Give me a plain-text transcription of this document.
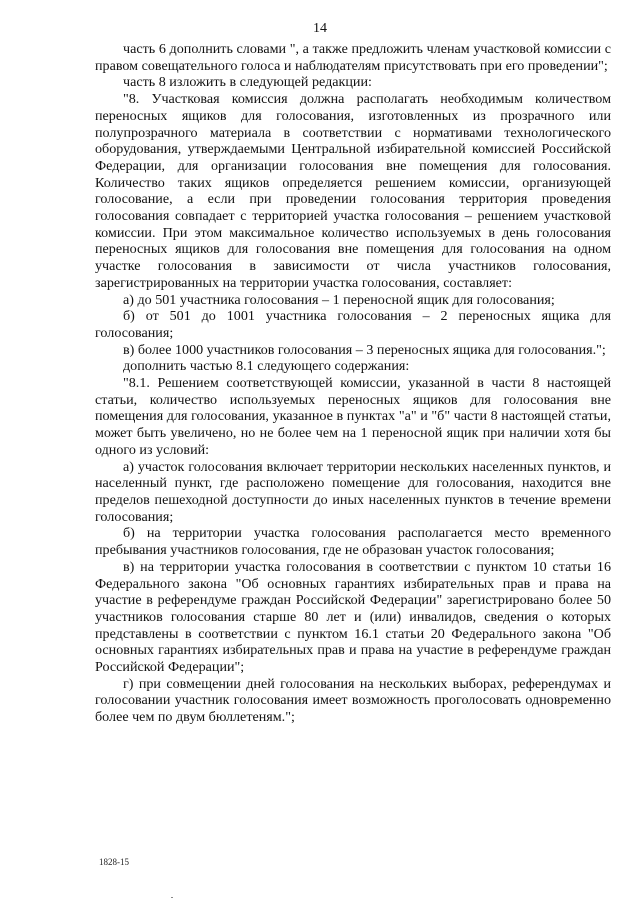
14

часть 6 дополнить словами ", а также предложить членам участковой комиссии с правом совещательного голоса и наблюдателям присутствовать при его проведении";

часть 8 изложить в следующей редакции:

"8. Участковая комиссия должна располагать необходимым количеством переносных ящиков для голосования, изготовленных из прозрачного или полупрозрачного материала в соответствии с нормативами технологического оборудования, утверждаемыми Центральной избирательной комиссией Российской Федерации, для организации голосования вне помещения для голосования. Количество таких ящиков определяется решением комиссии, организующей голосование, а если при проведении голосования территория проведения голосования совпадает с территорией участка голосования – решением участковой комиссии. При этом максимальное количество используемых в день голосования переносных ящиков для голосования вне помещения для голосования на одном участке голосования в зависимости от числа участников голосования, зарегистрированных на территории участка голосования, составляет:

а) до 501 участника голосования – 1 переносной ящик для голосования;

б) от 501 до 1001 участника голосования – 2 переносных ящика для голосования;

в) более 1000 участников голосования – 3 переносных ящика для голосования.";

дополнить частью 8.1 следующего содержания:

"8.1. Решением соответствующей комиссии, указанной в части 8 настоящей статьи, количество используемых переносных ящиков для голосования вне помещения для голосования, указанное в пунктах "а" и "б" части 8 настоящей статьи, может быть увеличено, но не более чем на 1 переносной ящик при наличии хотя бы одного из условий:

а) участок голосования включает территории нескольких населенных пунктов, и населенный пункт, где расположено помещение для голосования, находится вне пределов пешеходной доступности до иных населенных пунктов в течение времени голосования;

б) на территории участка голосования располагается место временного пребывания участников голосования, где не образован участок голосования;

в) на территории участка голосования в соответствии с пунктом 10 статьи 16 Федерального закона "Об основных гарантиях избирательных прав и права на участие в референдуме граждан Российской Федерации" зарегистрировано более 50 участников голосования старше 80 лет и (или) инвалидов, сведения о которых представлены в соответствии с пунктом 16.1 статьи 20 Федерального закона "Об основных гарантиях избирательных прав и права на участие в референдуме граждан Российской Федерации";

г) при совмещении дней голосования на нескольких выборах, референдумах и голосовании участник голосования имеет возможность проголосовать одновременно более чем по двум бюллетеням.";

1828-15
